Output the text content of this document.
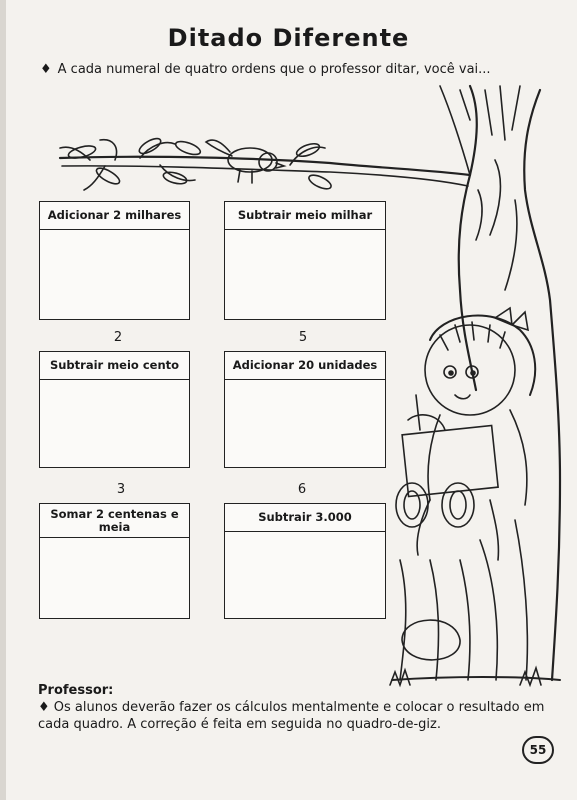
Ditado Diferente
♦ A cada numeral de quatro ordens que o professor ditar, você vai...
Adicionar 2 milhares	Subtrair meio milhar
2	5
Subtrair meio cento	Adicionar 20 unidades
3	6
Somar 2 centenas e meia
Subtrair 3.000
Professor:
♦ Os alunos deverão fazer os cálculos mentalmente e colocar o resultado em cada quadro. A correção é feita em seguida no quadro-de-giz.
55
